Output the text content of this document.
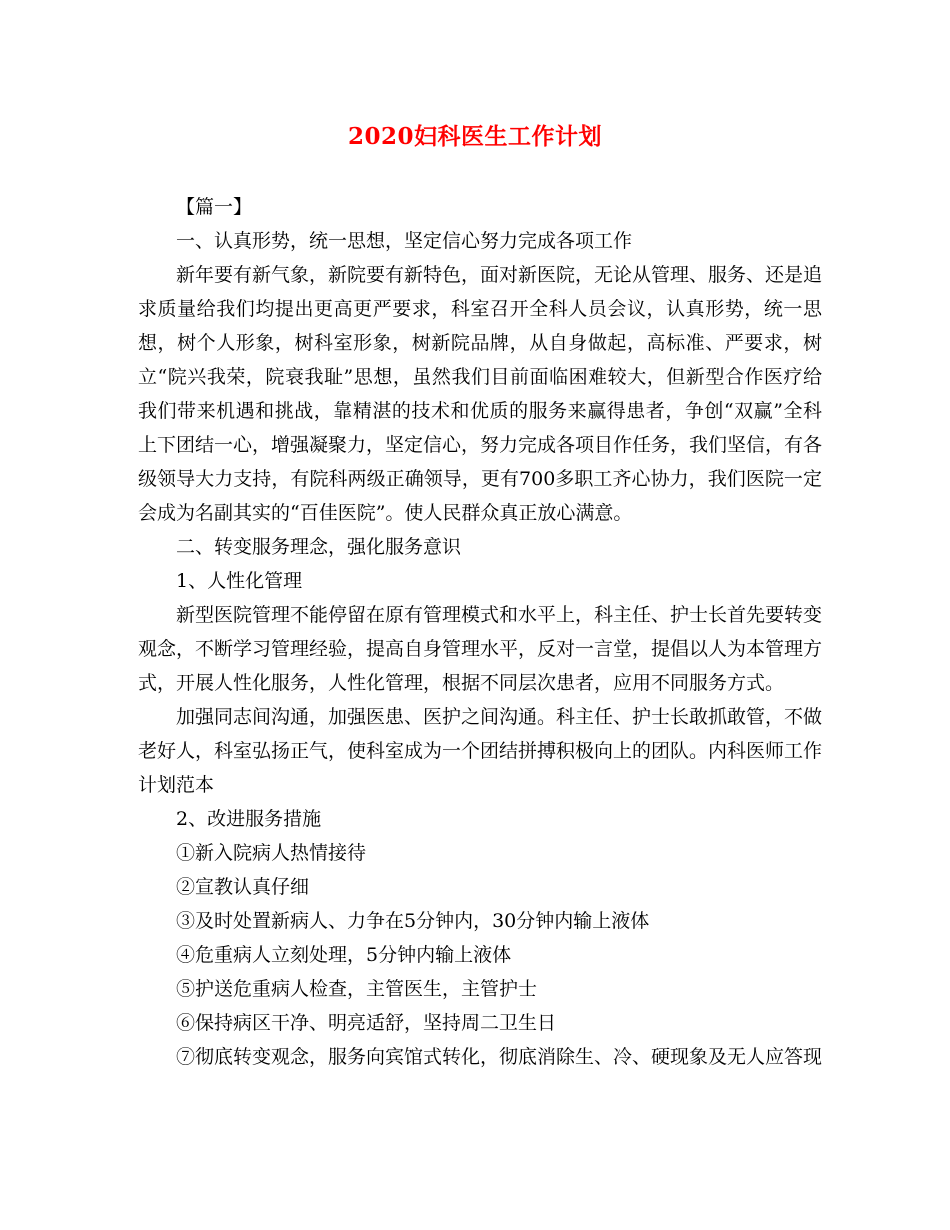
2020妇科医生工作计划

【篇一】

一、认真形势，统一思想，坚定信心努力完成各项工作

新年要有新气象，新院要有新特色，面对新医院，无论从管理、服务、还是追求质量给我们均提出更高更严要求，科室召开全科人员会议，认真形势，统一思想，树个人形象，树科室形象，树新院品牌，从自身做起，高标准、严要求，树立“院兴我荣，院衰我耻”思想，虽然我们目前面临困难较大，但新型合作医疗给我们带来机遇和挑战，靠精湛的技术和优质的服务来赢得患者，争创“双赢”全科上下团结一心，增强凝聚力，坚定信心，努力完成各项目作任务，我们坚信，有各级领导大力支持，有院科两级正确领导，更有700多职工齐心协力，我们医院一定会成为名副其实的“百佳医院”。使人民群众真正放心满意。

二、转变服务理念，强化服务意识

1、人性化管理

新型医院管理不能停留在原有管理模式和水平上，科主任、护士长首先要转变观念，不断学习管理经验，提高自身管理水平，反对一言堂，提倡以人为本管理方式，开展人性化服务，人性化管理，根据不同层次患者，应用不同服务方式。

加强同志间沟通，加强医患、医护之间沟通。科主任、护士长敢抓敢管，不做老好人，科室弘扬正气，使科室成为一个团结拼搏积极向上的团队。内科医师工作计划范本

2、改进服务措施

①新入院病人热情接待

②宣教认真仔细

③及时处置新病人、力争在5分钟内，30分钟内输上液体

④危重病人立刻处理，5分钟内输上液体

⑤护送危重病人检查，主管医生，主管护士

⑥保持病区干净、明亮适舒，坚持周二卫生日

⑦彻底转变观念，服务向宾馆式转化，彻底消除生、冷、硬现象及无人应答现
